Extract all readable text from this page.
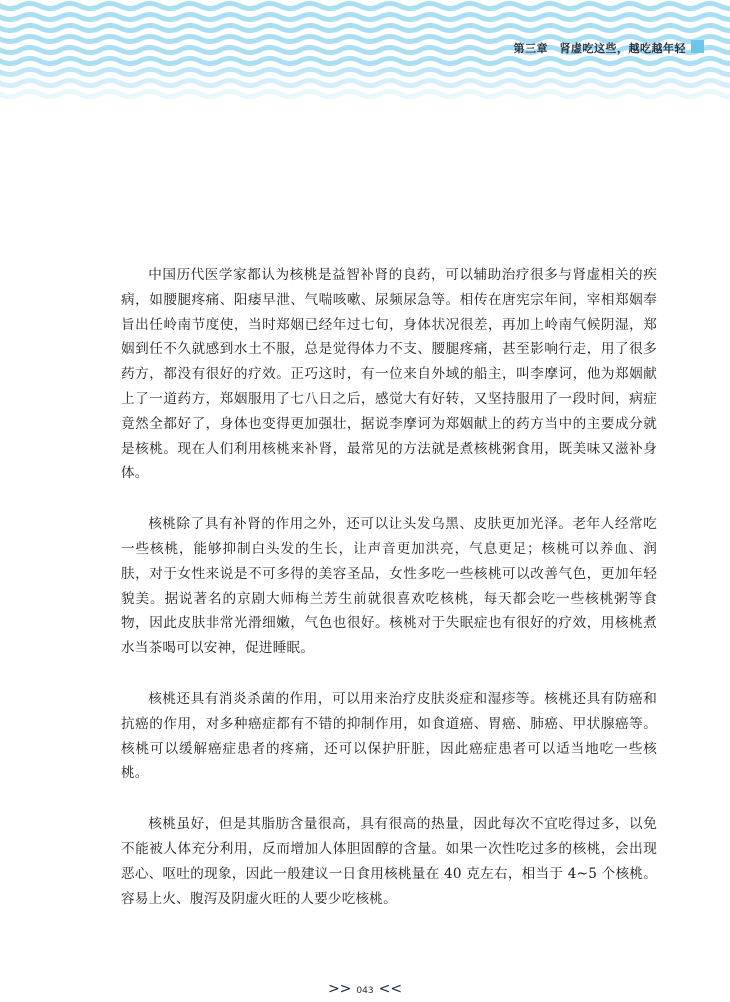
第三章　肾虚吃这些，越吃越年轻

中国历代医学家都认为核桃是益智补肾的良药，可以辅助治疗很多与肾虚相关的疾病，如腰腿疼痛、阳痿早泄、气喘咳嗽、尿频尿急等。相传在唐宪宗年间，宰相郑姻奉旨出任岭南节度使，当时郑姻已经年过七旬，身体状况很差，再加上岭南气候阴湿，郑姻到任不久就感到水土不服，总是觉得体力不支、腰腿疼痛，甚至影响行走，用了很多药方，都没有很好的疗效。正巧这时，有一位来自外域的船主，叫李摩诃，他为郑姻献上了一道药方，郑姻服用了七八日之后，感觉大有好转，又坚持服用了一段时间，病症竟然全都好了，身体也变得更加强壮，据说李摩诃为郑姻献上的药方当中的主要成分就是核桃。现在人们利用核桃来补肾，最常见的方法就是煮核桃粥食用，既美味又滋补身体。

核桃除了具有补肾的作用之外，还可以让头发乌黑、皮肤更加光泽。老年人经常吃一些核桃，能够抑制白头发的生长，让声音更加洪亮，气息更足；核桃可以养血、润肤，对于女性来说是不可多得的美容圣品，女性多吃一些核桃可以改善气色，更加年轻貌美。据说著名的京剧大师梅兰芳生前就很喜欢吃核桃，每天都会吃一些核桃粥等食物，因此皮肤非常光滑细嫩，气色也很好。核桃对于失眠症也有很好的疗效，用核桃煮水当茶喝可以安神，促进睡眠。

核桃还具有消炎杀菌的作用，可以用来治疗皮肤炎症和湿疹等。核桃还具有防癌和抗癌的作用，对多种癌症都有不错的抑制作用，如食道癌、胃癌、肺癌、甲状腺癌等。核桃可以缓解癌症患者的疼痛，还可以保护肝脏，因此癌症患者可以适当地吃一些核桃。

核桃虽好，但是其脂肪含量很高，具有很高的热量，因此每次不宜吃得过多，以免不能被人体充分利用，反而增加人体胆固醇的含量。如果一次性吃过多的核桃，会出现恶心、呕吐的现象，因此一般建议一日食用核桃量在 40 克左右，相当于 4~5 个核桃。容易上火、腹泻及阴虚火旺的人要少吃核桃。

>> 043 <<
